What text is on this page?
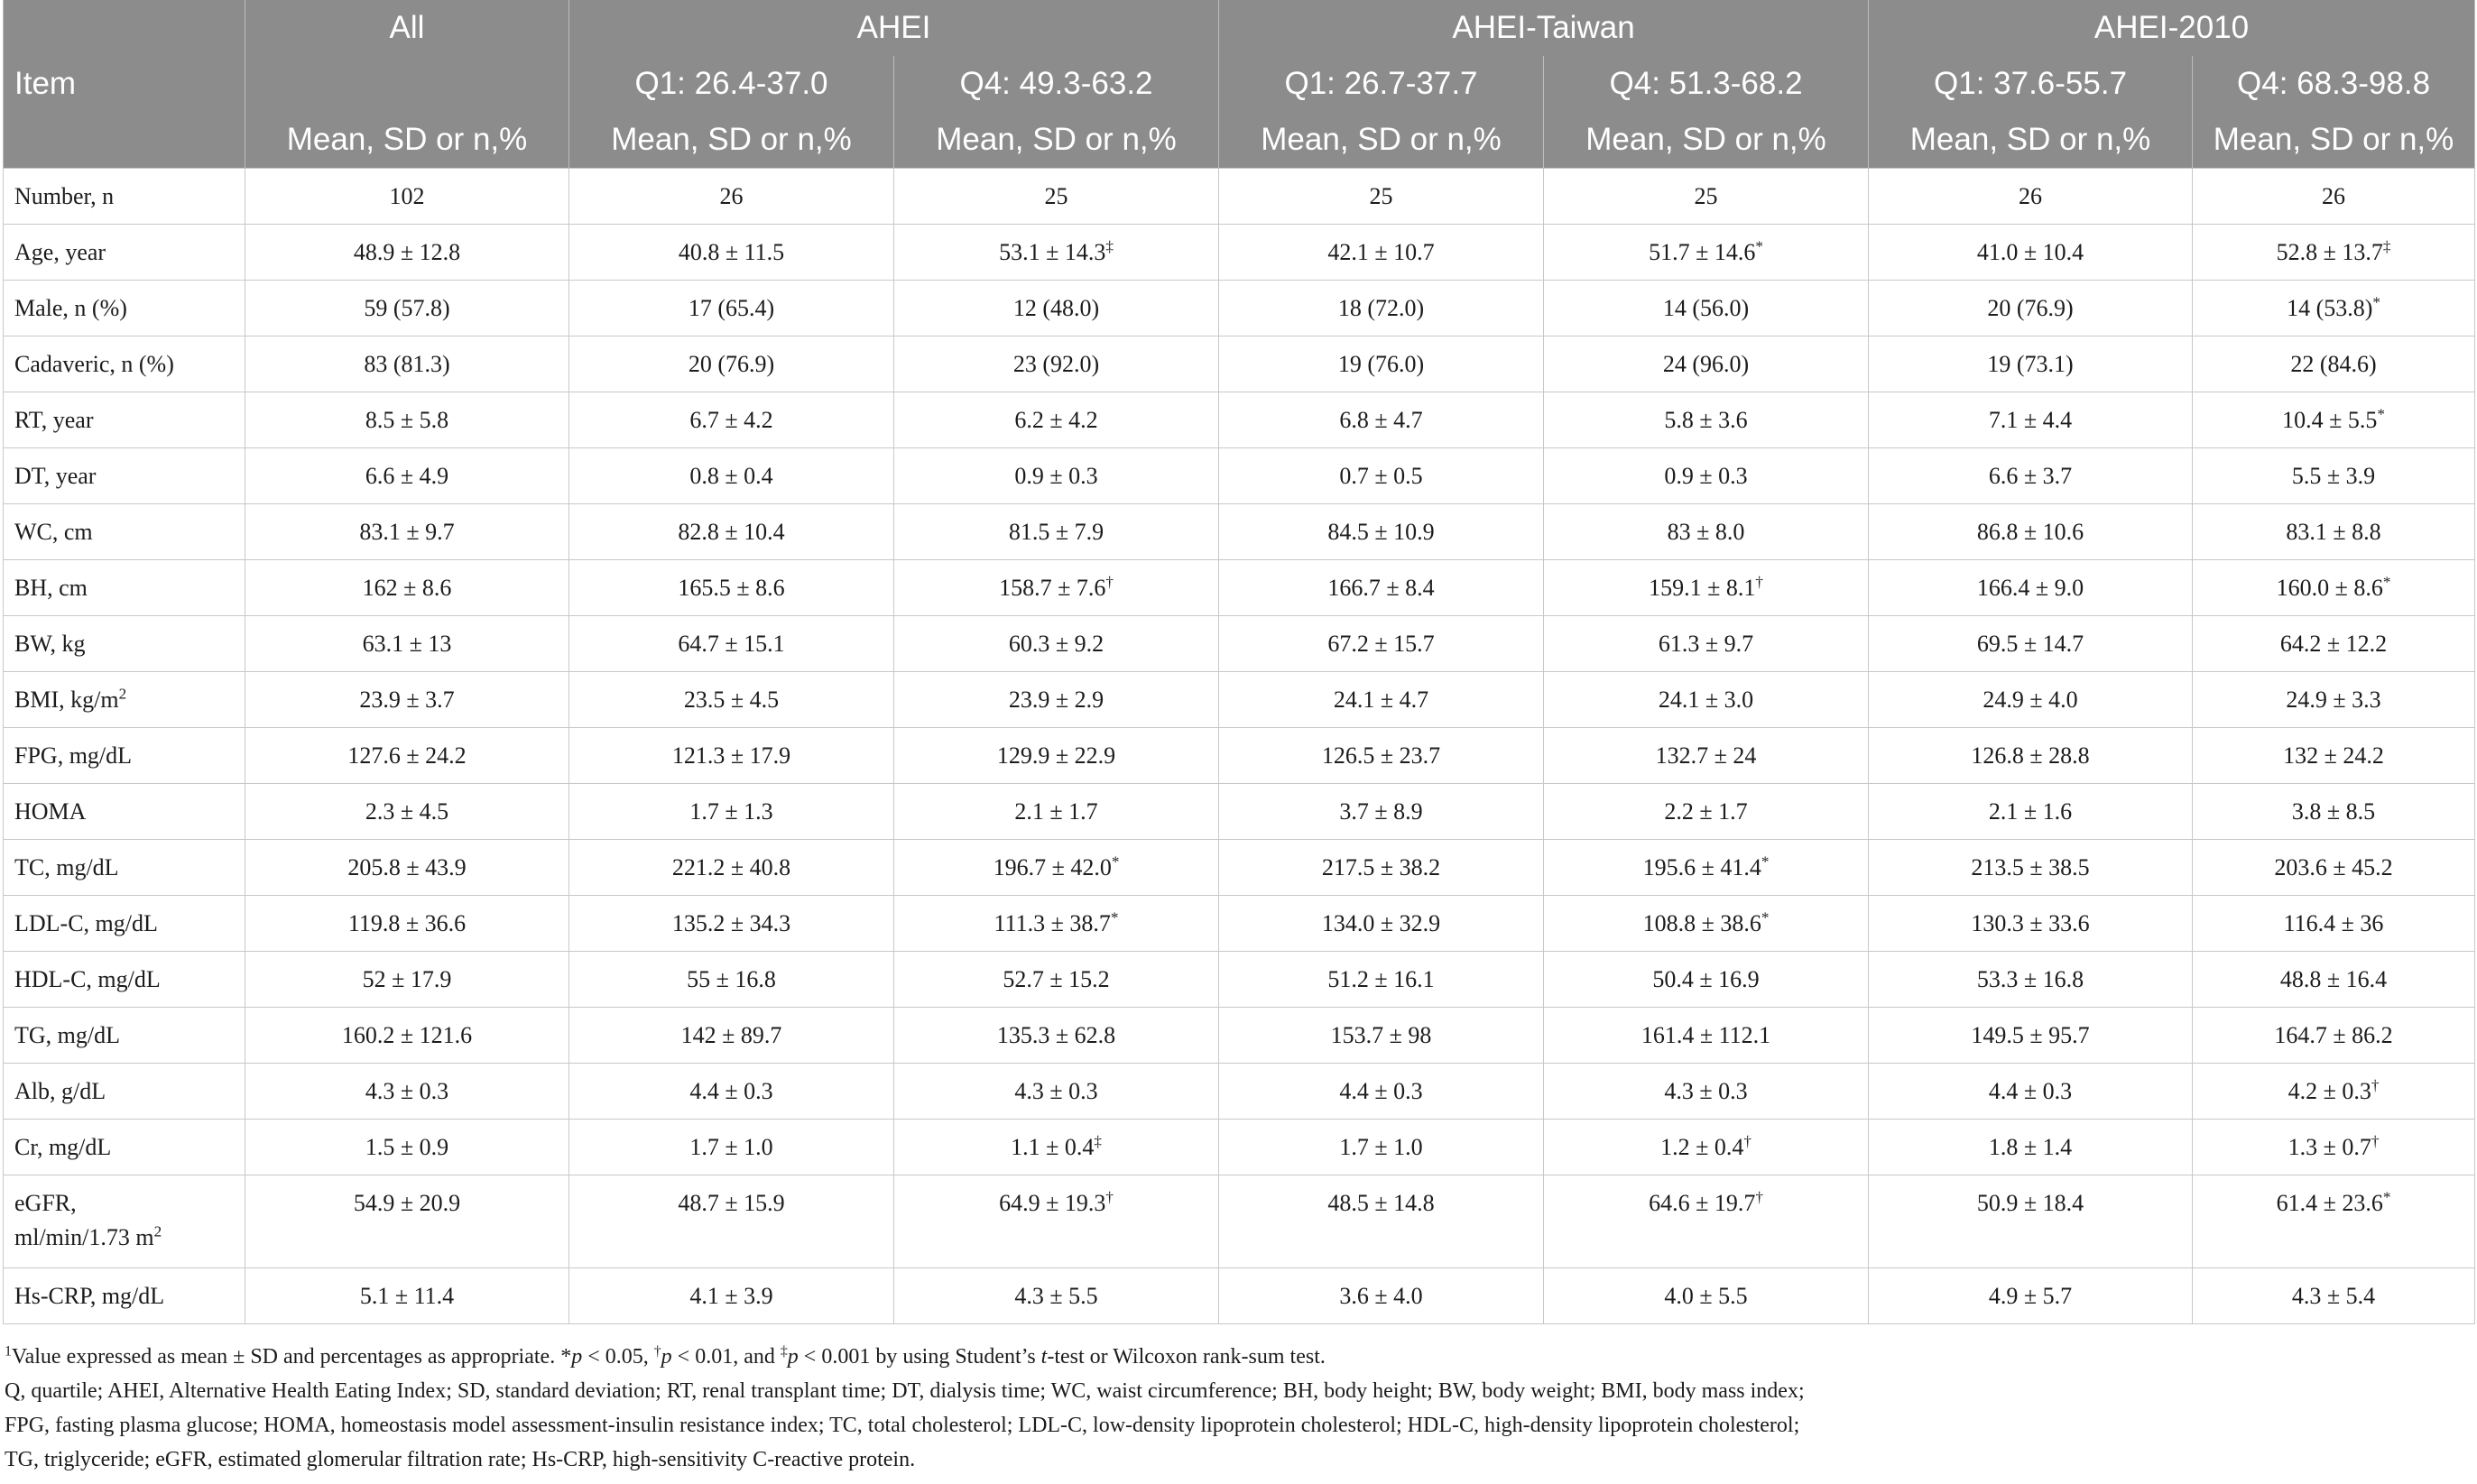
Item	All	AHEI		AHEI-Taiwan		AHEI-2010	
		Q1: 26.4-37.0	Q4: 49.3-63.2	Q1: 26.7-37.7	Q4: 51.3-68.2	Q1: 37.6-55.7	Q4: 68.3-98.8
	Mean, SD or n,%	Mean, SD or n,%	Mean, SD or n,%	Mean, SD or n,%	Mean, SD or n,%	Mean, SD or n,%	Mean, SD or n,%
Number, n	102	26	25	25	25	26	26
Age, year	48.9 ± 12.8	40.8 ± 11.5	53.1 ± 14.3‡	42.1 ± 10.7	51.7 ± 14.6*	41.0 ± 10.4	52.8 ± 13.7‡
Male, n (%)	59 (57.8)	17 (65.4)	12 (48.0)	18 (72.0)	14 (56.0)	20 (76.9)	14 (53.8)*
Cadaveric, n (%)	83 (81.3)	20 (76.9)	23 (92.0)	19 (76.0)	24 (96.0)	19 (73.1)	22 (84.6)
RT, year	8.5 ± 5.8	6.7 ± 4.2	6.2 ± 4.2	6.8 ± 4.7	5.8 ± 3.6	7.1 ± 4.4	10.4 ± 5.5*
DT, year	6.6 ± 4.9	0.8 ± 0.4	0.9 ± 0.3	0.7 ± 0.5	0.9 ± 0.3	6.6 ± 3.7	5.5 ± 3.9
WC, cm	83.1 ± 9.7	82.8 ± 10.4	81.5 ± 7.9	84.5 ± 10.9	83 ± 8.0	86.8 ± 10.6	83.1 ± 8.8
BH, cm	162 ± 8.6	165.5 ± 8.6	158.7 ± 7.6†	166.7 ± 8.4	159.1 ± 8.1†	166.4 ± 9.0	160.0 ± 8.6*
BW, kg	63.1 ± 13	64.7 ± 15.1	60.3 ± 9.2	67.2 ± 15.7	61.3 ± 9.7	69.5 ± 14.7	64.2 ± 12.2
BMI, $kg/m^2$	23.9 ± 3.7	23.5 ± 4.5	23.9 ± 2.9	24.1 ± 4.7	24.1 ± 3.0	24.9 ± 4.0	24.9 ± 3.3
FPG, mg/dL	127.6 ± 24.2	121.3 ± 17.9	129.9 ± 22.9	126.5 ± 23.7	132.7 ± 24	126.8 ± 28.8	132 ± 24.2
HOMA	2.3 ± 4.5	1.7 ± 1.3	2.1 ± 1.7	3.7 ± 8.9	2.2 ± 1.7	2.1 ± 1.6	3.8 ± 8.5
TC, mg/dL	205.8 ± 43.9	221.2 ± 40.8	196.7 ± 42.0*	217.5 ± 38.2	195.6 ± 41.4*	213.5 ± 38.5	203.6 ± 45.2
LDL-C, mg/dL	119.8 ± 36.6	135.2 ± 34.3	111.3 ± 38.7*	134.0 ± 32.9	108.8 ± 38.6*	130.3 ± 33.6	116.4 ± 36
HDL-C, mg/dL	52 ± 17.9	55 ± 16.8	52.7 ± 15.2	51.2 ± 16.1	50.4 ± 16.9	53.3 ± 16.8	48.8 ± 16.4
TG, mg/dL	160.2 ± 121.6	142 ± 89.7	135.3 ± 62.8	153.7 ± 98	161.4 ± 112.1	149.5 ± 95.7	164.7 ± 86.2
Alb, g/dL	4.3 ± 0.3	4.4 ± 0.3	4.3 ± 0.3	4.4 ± 0.3	4.3 ± 0.3	4.4 ± 0.3	4.2 ± 0.3†
Cr, mg/dL	1.5 ± 0.9	1.7 ± 1.0	1.1 ± 0.4‡	1.7 ± 1.0	1.2 ± 0.4†	1.8 ± 1.4	1.3 ± 0.7†
eGFR,
ml/min/1.73 $m^2$	54.9 ± 20.9	48.7 ± 15.9	64.9 ± 19.3†	48.5 ± 14.8	64.6 ± 19.7†	50.9 ± 18.4	61.4 ± 23.6*
Hs-CRP, mg/dL	5.1 ± 11.4	4.1 ± 3.9	4.3 ± 5.5	3.6 ± 4.0	4.0 ± 5.5	4.9 ± 5.7	4.3 ± 5.4
$^1$Value expressed as mean ± SD and percentages as appropriate. *p < 0.05, †p < 0.01, and ‡p < 0.001 by using Student’s t-test or Wilcoxon rank-sum test.
Q, quartile; AHEI, Alternative Health Eating Index; SD, standard deviation; RT, renal transplant time; DT, dialysis time; WC, waist circumference; BH, body height; BW, body weight; BMI, body mass index;
FPG, fasting plasma glucose; HOMA, homeostasis model assessment-insulin resistance index; TC, total cholesterol; LDL-C, low-density lipoprotein cholesterol; HDL-C, high-density lipoprotein cholesterol;
TG, triglyceride; eGFR, estimated glomerular filtration rate; Hs-CRP, high-sensitivity C-reactive protein.
